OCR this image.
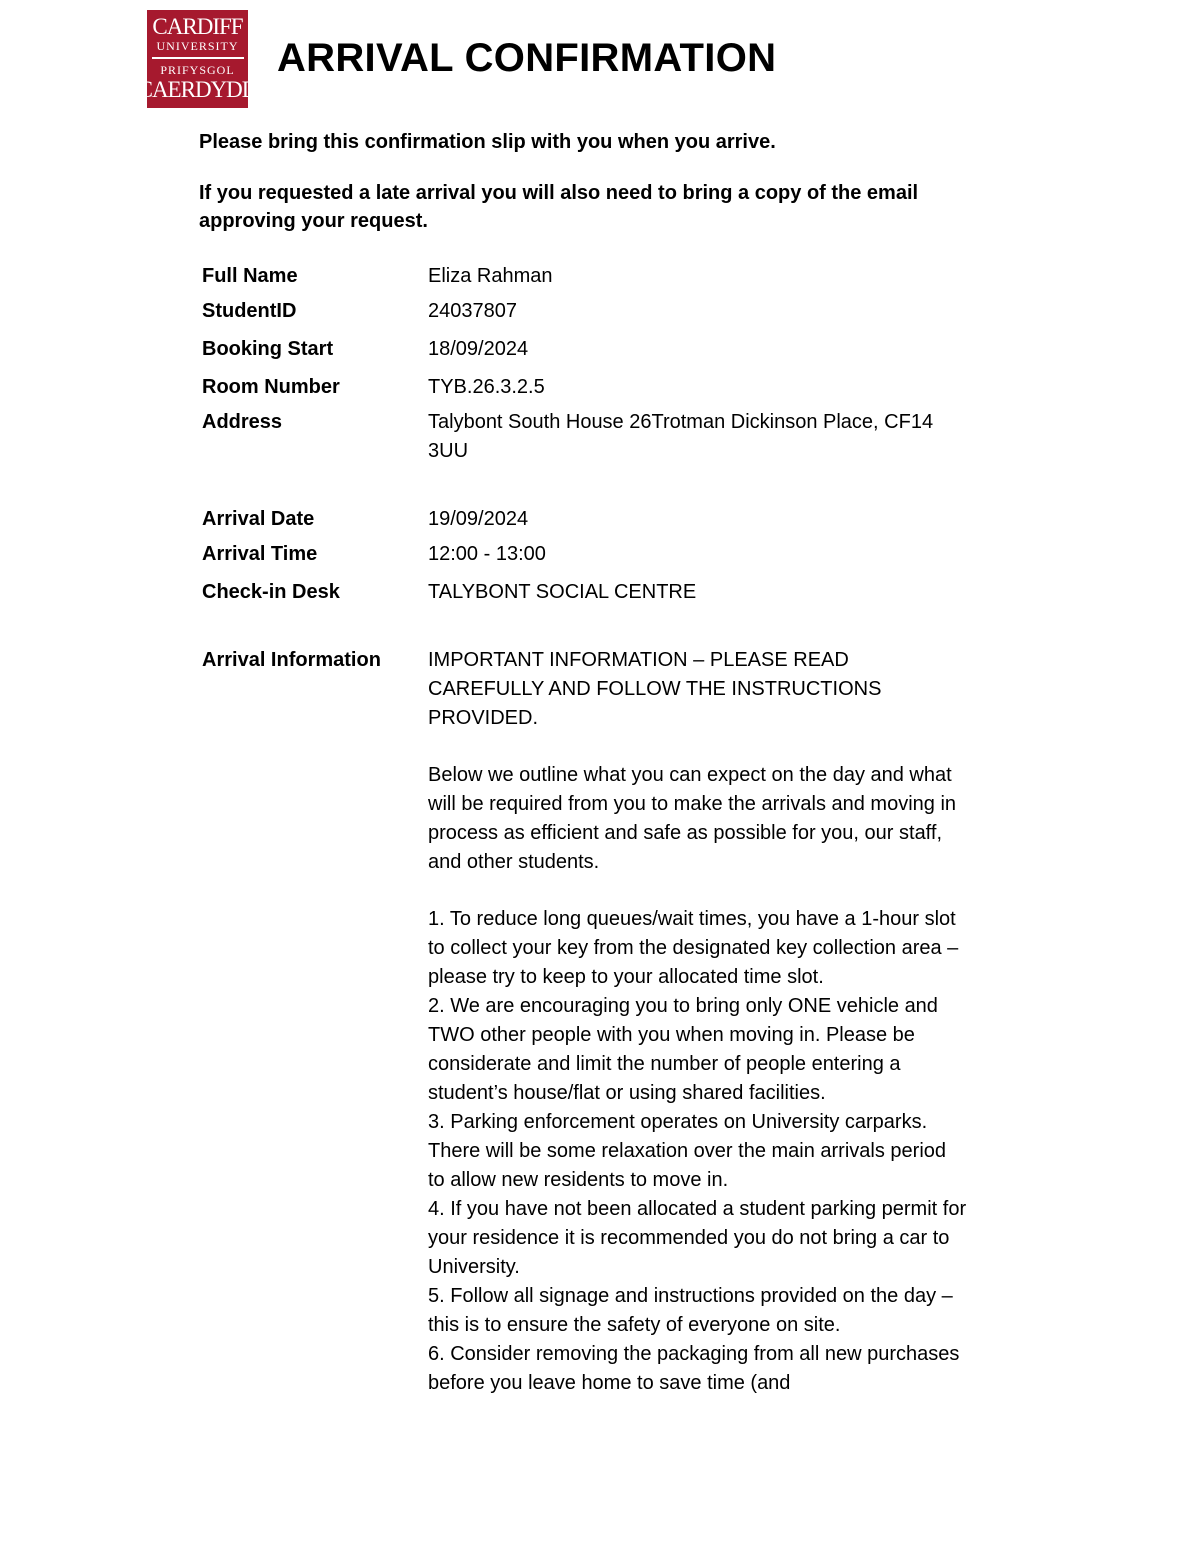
CARDIFF
UNIVERSITY
PRIFYSGOL
CAERDYDD
ARRIVAL CONFIRMATION

Please bring this confirmation slip with you when you arrive.

If you requested a late arrival you will also need to bring a copy of the email approving your request.

Full Name	Eliza Rahman
StudentID	24037807
Booking Start	18/09/2024
Room Number	TYB.26.3.2.5
Address	Talybont South House 26Trotman Dickinson Place, CF14 3UU
Arrival Date	19/09/2024
Arrival Time	12:00 - 13:00
Check-in Desk	TALYBONT SOCIAL CENTRE
Arrival Information	IMPORTANT INFORMATION – PLEASE READ CAREFULLY AND FOLLOW THE INSTRUCTIONS PROVIDED.

Below we outline what you can expect on the day and what will be required from you to make the arrivals and moving in process as efficient and safe as possible for you, our staff, and other students.

1. To reduce long queues/wait times, you have a 1-hour slot to collect your key from the designated key collection area – please try to keep to your allocated time slot.

2. We are encouraging you to bring only ONE vehicle and TWO other people with you when moving in. Please be considerate and limit the number of people entering a student’s house/flat or using shared facilities.

3. Parking enforcement operates on University carparks. There will be some relaxation over the main arrivals period to allow new residents to move in.

4. If you have not been allocated a student parking permit for your residence it is recommended you do not bring a car to University.

5. Follow all signage and instructions provided on the day – this is to ensure the safety of everyone on site.

6. Consider removing the packaging from all new purchases before you leave home to save time (and
